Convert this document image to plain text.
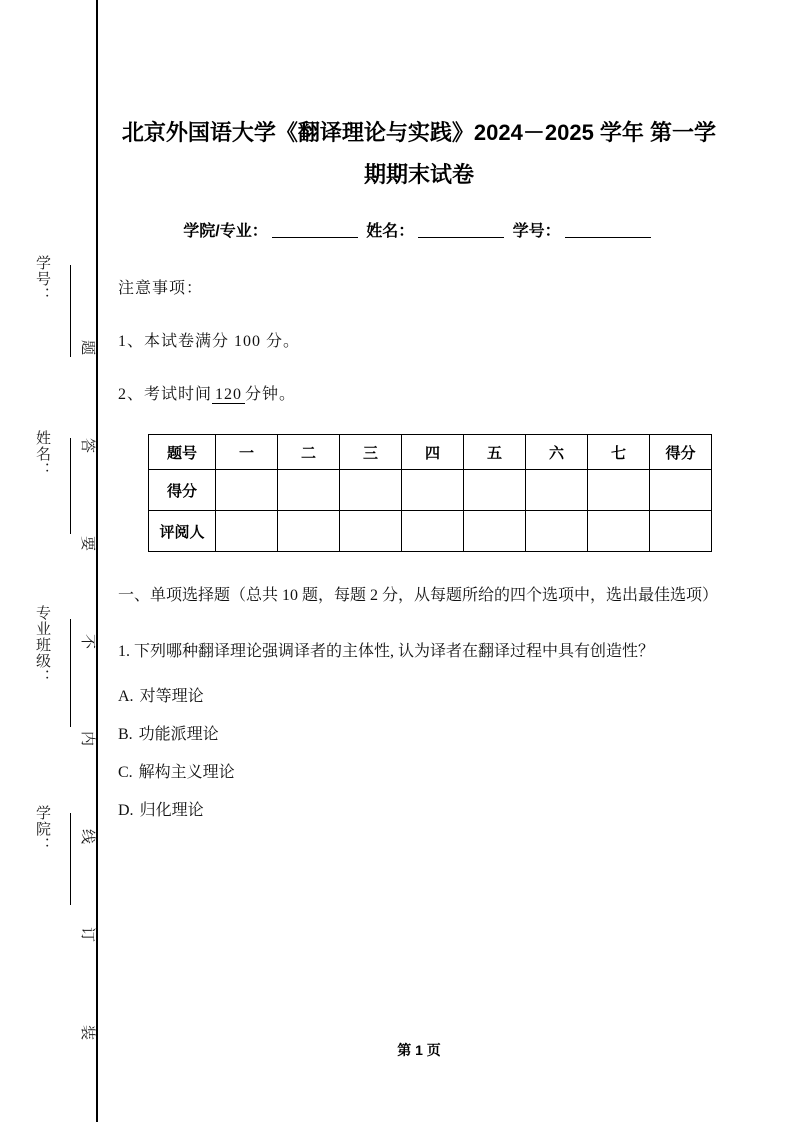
题
答
要
不
内
线
订
装
学号：
姓名：
专业班级：
学院：
北京外国语大学《翻译理论与实践》2024－2025 学年 第一学期期末试卷
学院/专业：	姓名：	学号：
注意事项：
1、本试卷满分 100 分。
2、考试时间 120 分钟。
题号	一	二	三	四	五	六	七	得分
得分								
评阅人								
一、单项选择题（总共 10 题，每题 2 分，从每题所给的四个选项中，选出最佳选项）
1. 下列哪种翻译理论强调译者的主体性, 认为译者在翻译过程中具有创造性？
A. 对等理论
B. 功能派理论
C. 解构主义理论
D. 归化理论
第 1 页
